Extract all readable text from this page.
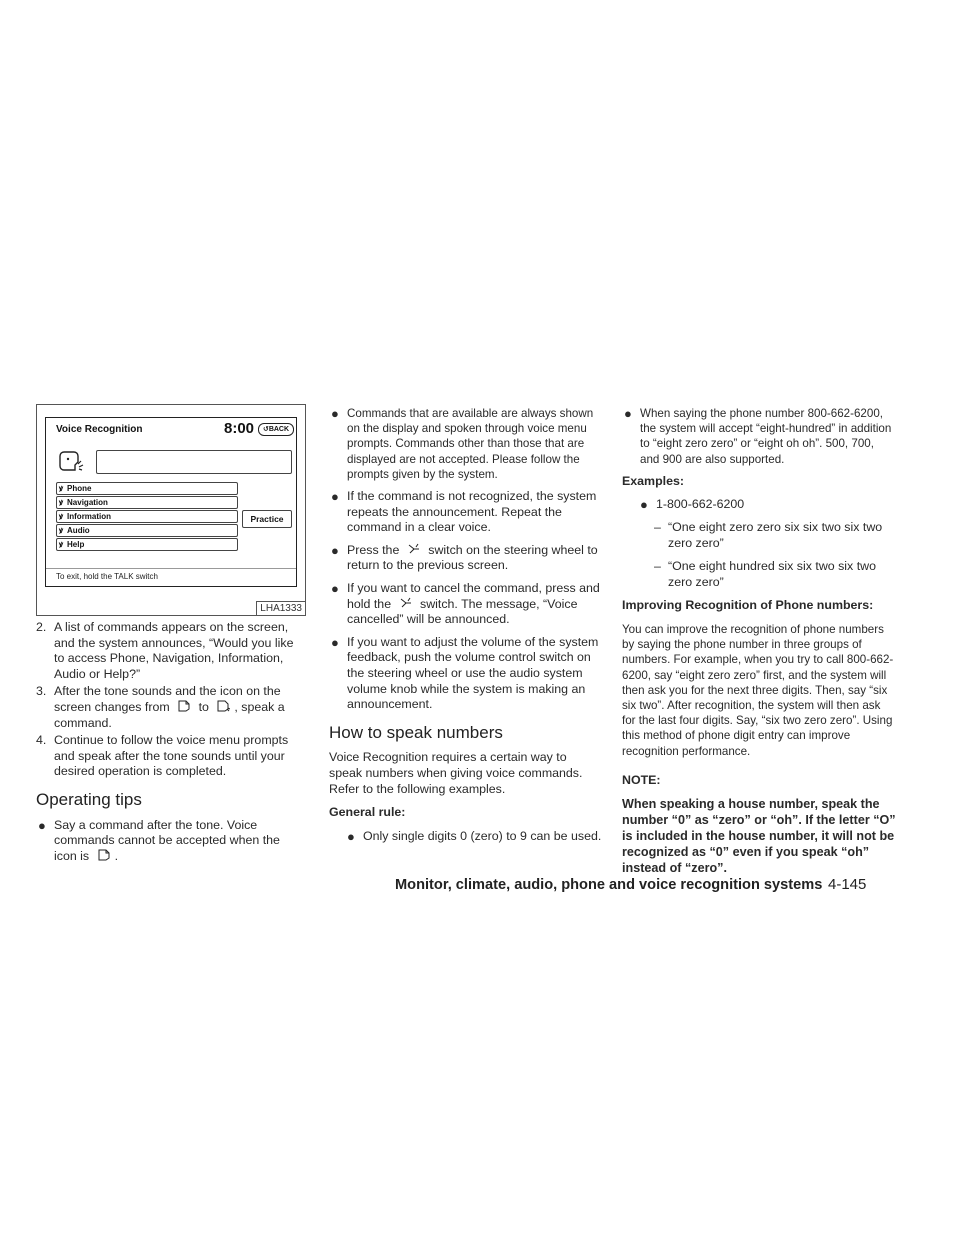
Voice Recognition	8:00	↺BACK
ꝟ Phone
ꝟ Navigation
ꝟ Information
ꝟ Audio
ꝟ Help
Practice
To exit, hold the TALK switch
LHA1333
2. A list of commands appears on the screen, and the system announces, “Would you like to access Phone, Navigation, Information, Audio or Help?”
3. After the tone sounds and the icon on the screen changes from to , speak a command.
4. Continue to follow the voice menu prompts and speak after the tone sounds until your desired operation is completed.
Operating tips
● Say a command after the tone. Voice commands cannot be accepted when the icon is .
● Commands that are available are always shown on the display and spoken through voice menu prompts. Commands other than those that are displayed are not accepted. Please follow the prompts given by the system.
● If the command is not recognized, the system repeats the announcement. Repeat the command in a clear voice.
● Press the switch on the steering wheel to return to the previous screen.
● If you want to cancel the command, press and hold the switch. The message, “Voice cancelled” will be announced.
● If you want to adjust the volume of the system feedback, push the volume control switch on the steering wheel or use the audio system volume knob while the system is making an announcement.
How to speak numbers

Voice Recognition requires a certain way to speak numbers when giving voice commands. Refer to the following examples.

General rule:

● Only single digits 0 (zero) to 9 can be used.
● When saying the phone number 800-662-6200, the system will accept “eight-hundred” in addition to “eight zero zero” or “eight oh oh”. 500, 700, and 900 are also supported.

Examples:

● 1-800-662-6200
– “One eight zero zero six six two six two zero zero”
– “One eight hundred six six two six two zero zero”

Improving Recognition of Phone numbers:

You can improve the recognition of phone numbers by saying the phone number in three groups of numbers. For example, when you try to call 800-662-6200, say “eight zero zero” first, and the system will then ask you for the next three digits. Then, say “six six two”. After recognition, the system will then ask for the last four digits. Say, “six two zero zero”. Using this method of phone digit entry can improve recognition performance.

NOTE:
When speaking a house number, speak the number “0” as “zero” or “oh”. If the letter “O” is included in the house number, it will not be recognized as “0” even if you speak “oh” instead of “zero”.
Monitor, climate, audio, phone and voice recognition systems 4-145
